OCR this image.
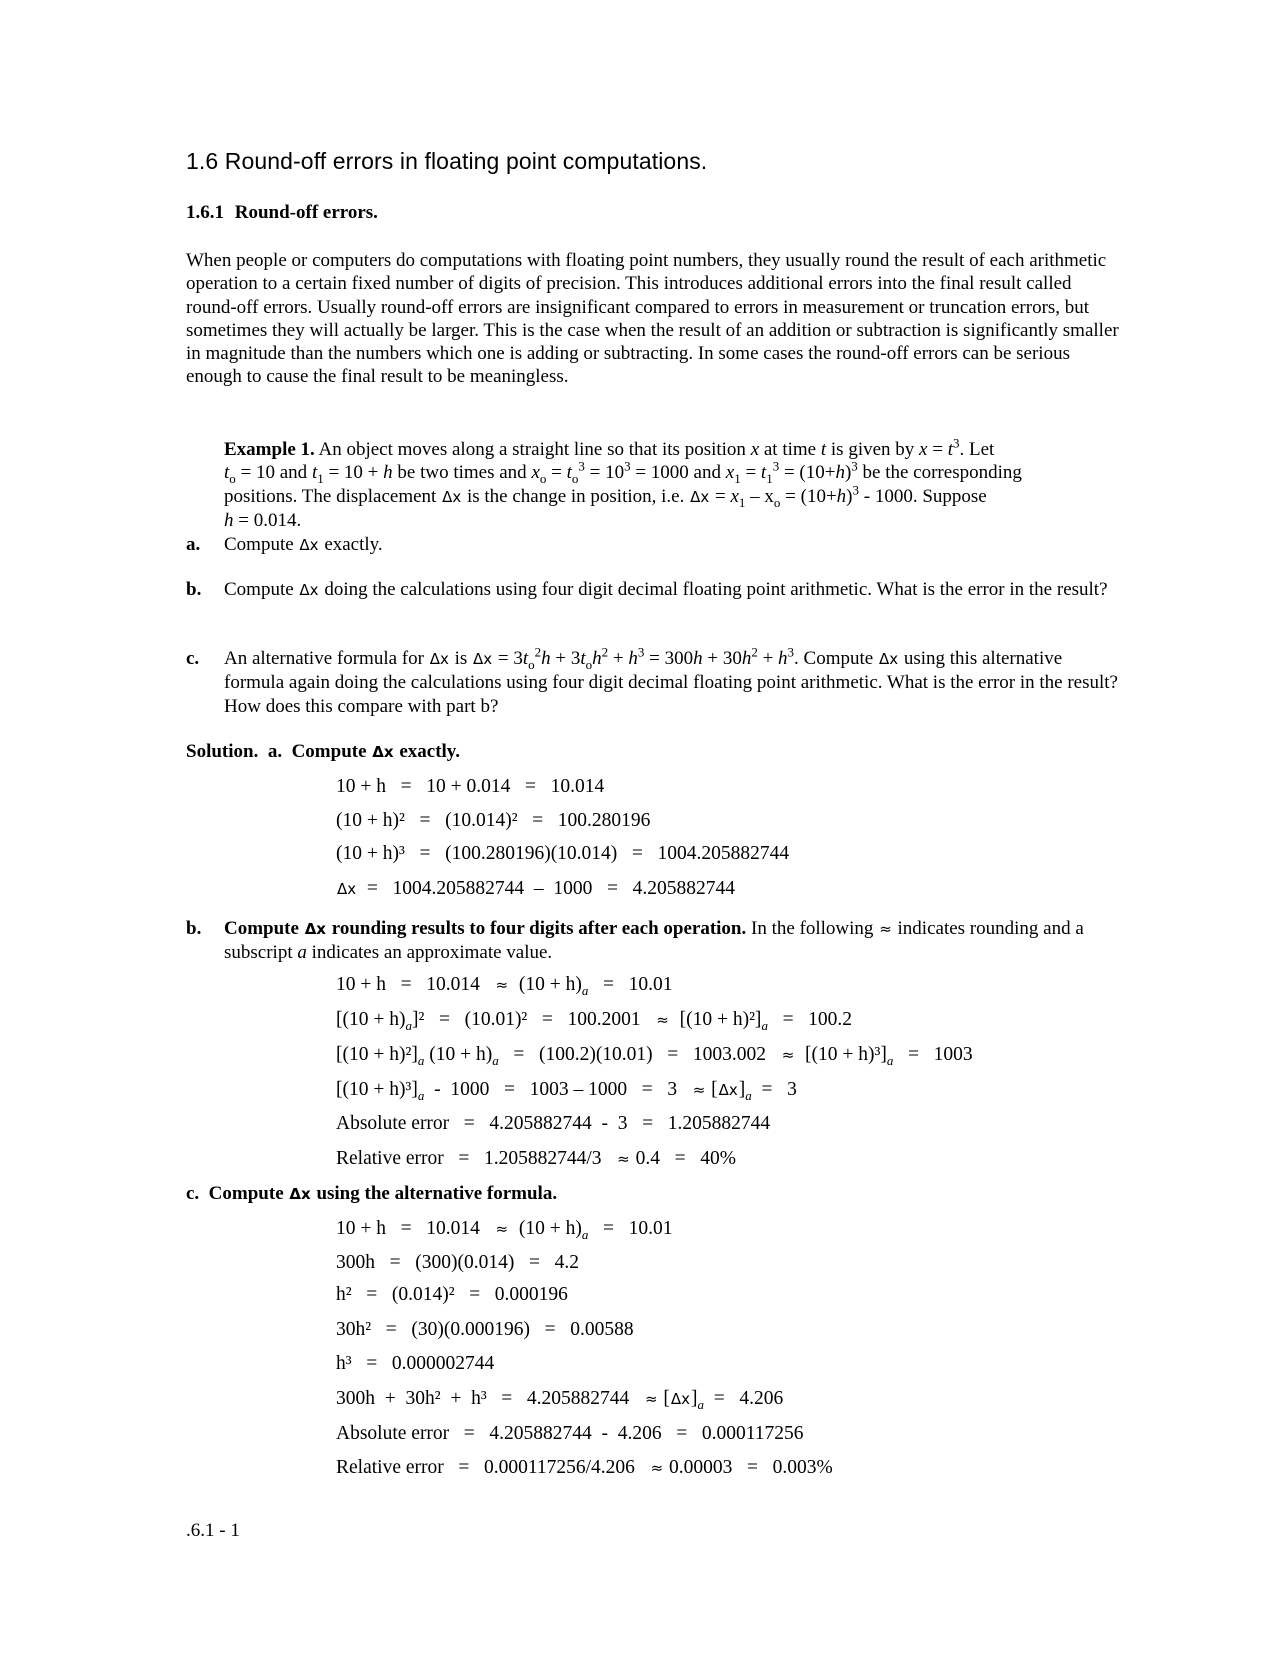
1.6 Round-off errors in floating point computations.
1.6.1 Round-off errors.

When people or computers do computations with floating point numbers, they usually round the result of each arithmetic operation to a certain fixed number of digits of precision. This introduces additional errors into the final result called round-off errors. Usually round-off errors are insignificant compared to errors in measurement or truncation errors, but sometimes they will actually be larger. This is the case when the result of an addition or subtraction is significantly smaller in magnitude than the numbers which one is adding or subtracting. In some cases the round-off errors can be serious enough to cause the final result to be meaningless.

Example 1. An object moves along a straight line so that its position x at time t is given by $x = t^3$. Let
$t_o = 10$ and $t_1 = 10 + h$ be two times and $x_o = t_o^3 = 10^3 = 1000$ and $x_1 = t_1^3 = (10+h)^3$ be the corresponding
positions. The displacement Δx is the change in position, i.e. $\Delta x = x_1 - x_o = (10+h)^3 - 1000$. Suppose
h = 0.014.
a. Compute Δx exactly.
b. Compute Δx doing the calculations using four digit decimal floating point arithmetic. What is the error in the result?
c. An alternative formula for Δx is $\Delta x = 3t_o^2h + 3t_oh^2 + h^3 = 300h + 30h^2 + h^3$. Compute Δx using this alternative formula again doing the calculations using four digit decimal floating point arithmetic. What is the error in the result? How does this compare with part b?
Solution.  a.  Compute Δx exactly.
10 + h   =   10 + 0.014   =   10.014
(10 + h)²   =   (10.014)²   =   100.280196
(10 + h)³   =   (100.280196)(10.014)   =   1004.205882744
Δx =   1004.205882744  –  1000   =   4.205882744
b. Compute Δx rounding results to four digits after each operation. In the following ≈ indicates rounding and a subscript a indicates an approximate value.
$10 + h = 10.014 \approx (10 + h)_a = 10.01$
$[(10 + h)_a]^2 = (10.01)^2 = 100.2001 \approx [(10 + h)^2]_a = 100.2$
$[(10 + h)^2]_a$ $(10 + h)_a = (100.2)(10.01) = 1003.002 \approx [(10 + h)^3]_a = 1003$
$[(10 + h)^3]_a - 1000 = 1003 - 1000 = 3 \approx [\Delta x]_a = 3$
Absolute error   =   4.205882744  -  3   =   1.205882744
Relative error   =   1.205882744/3 ≈ 0.4   =   40%
c.  Compute Δx using the alternative formula.
$10 + h = 10.014 \approx (10 + h)_a = 10.01$
300h   =   (300)(0.014)   =   4.2
h²   =   (0.014)²   =   0.000196
30h²   =   (30)(0.000196)   =   0.00588
h³   =   0.000002744
$300h + 30h^2 + h^3 = 4.205882744 \approx [\Delta x]_a = 4.206$
Absolute error   =   4.205882744  -  4.206   =   0.000117256
Relative error   =   0.000117256/4.206 ≈ 0.00003   =   0.003%
.6.1 - 1
